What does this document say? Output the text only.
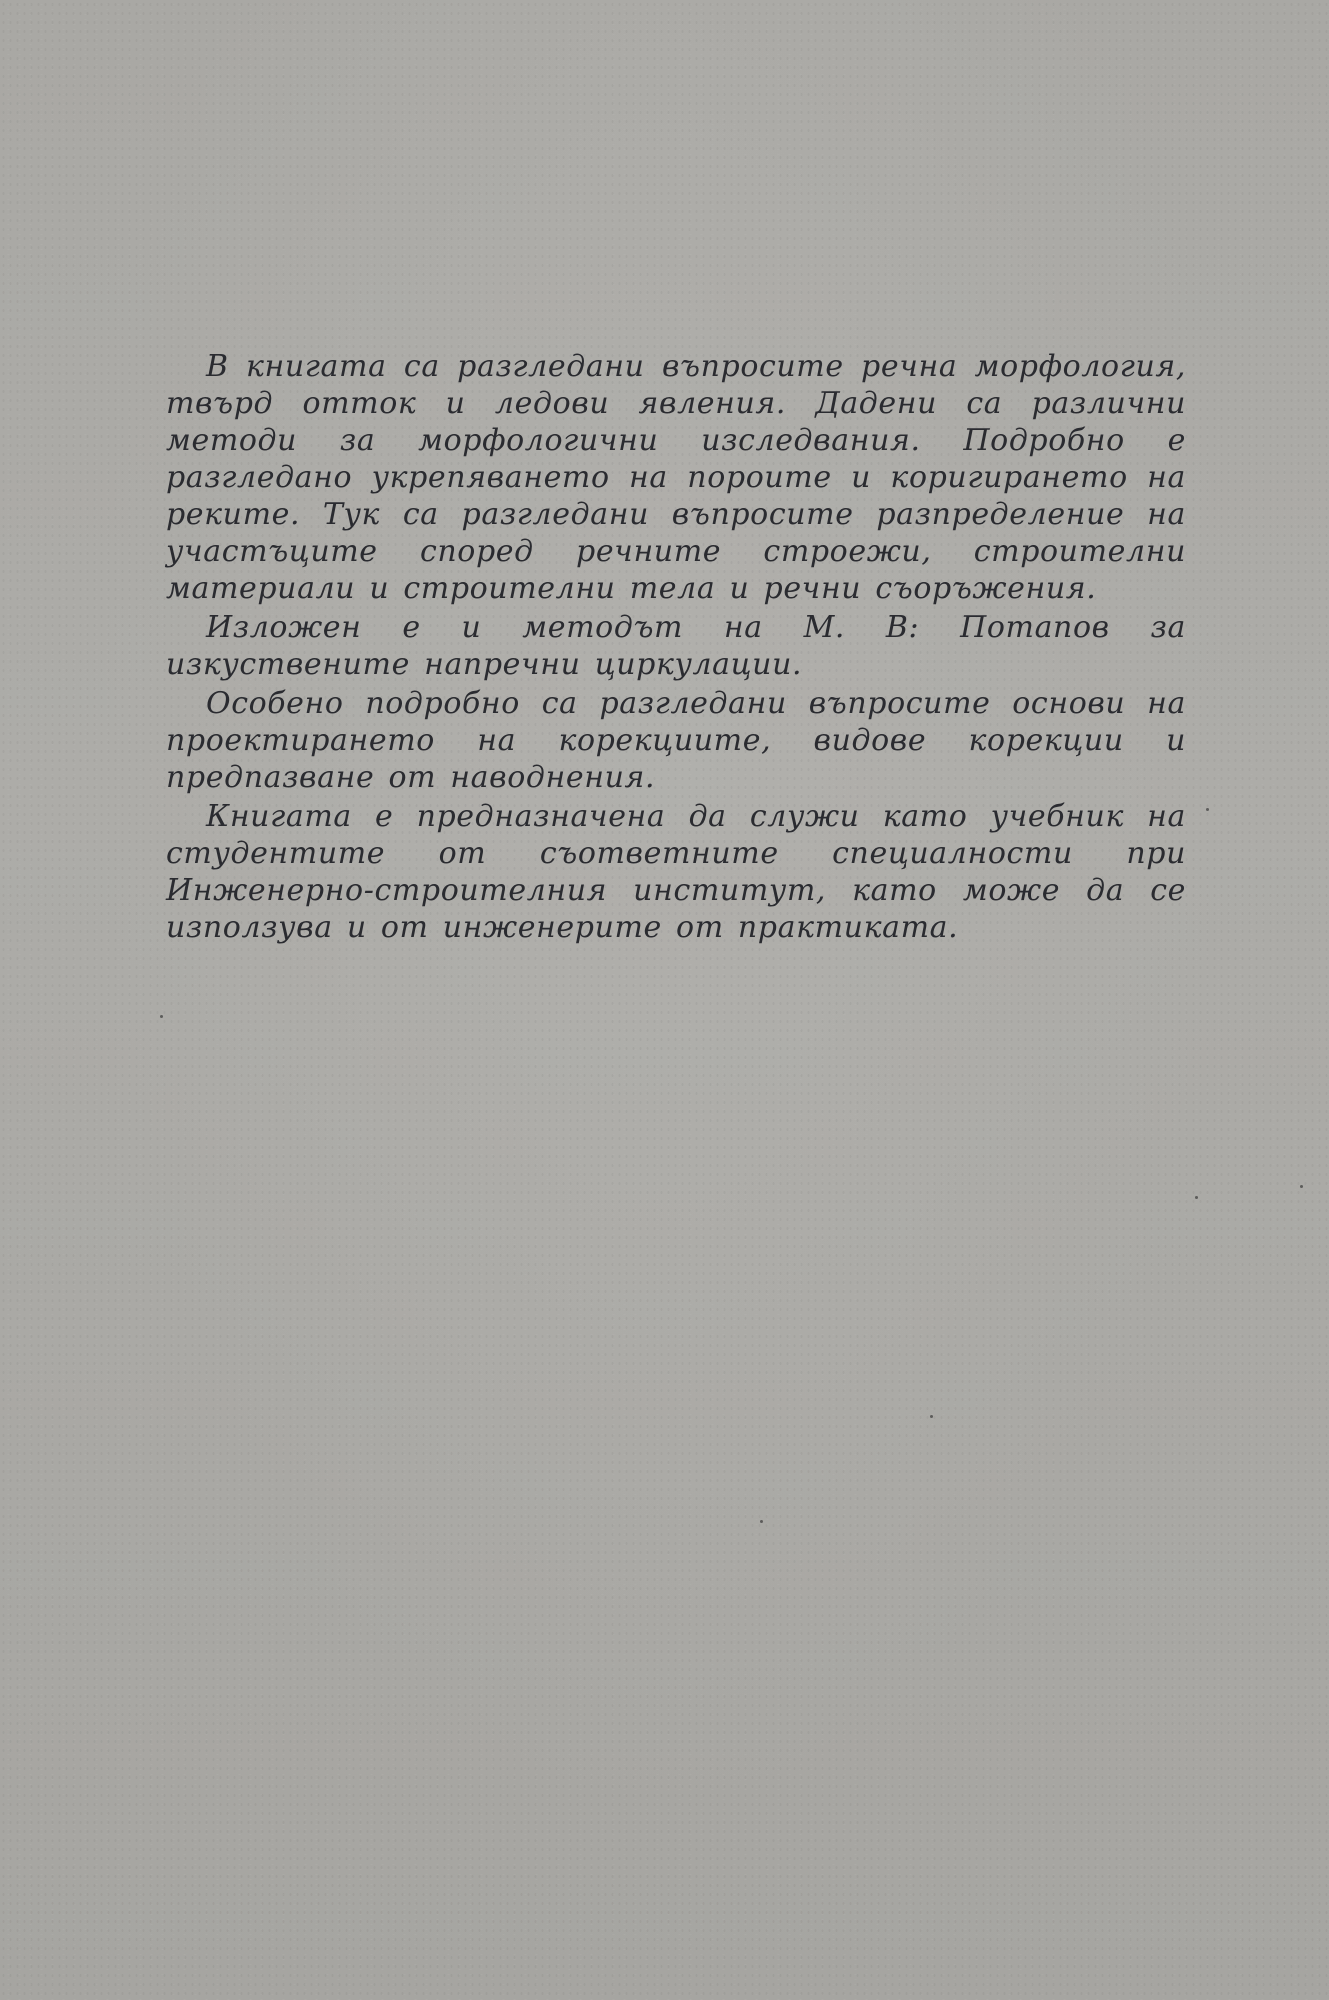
В книгата са разгледани въпросите речна морфология, твърд отток и ледови явления. Дадени са различни методи за морфологични изследвания. Подробно е разгледано укрепяването на пороите и коригирането на реките. Тук са разгледани въпросите разпределение на участъците според речните строежи, строителни материали и строителни тела и речни съоръжения.

Изложен е и методът на М. В: Потапов за изкуствените напречни циркулации.

Особено подробно са разгледани въпросите основи на проектирането на корекциите, видове корекции и предпазване от наводнения.

Книгата е предназначена да служи като учебник на студентите от съответните специалности при Инженерно-строителния институт, като може да се използува и от инженерите от практиката.
